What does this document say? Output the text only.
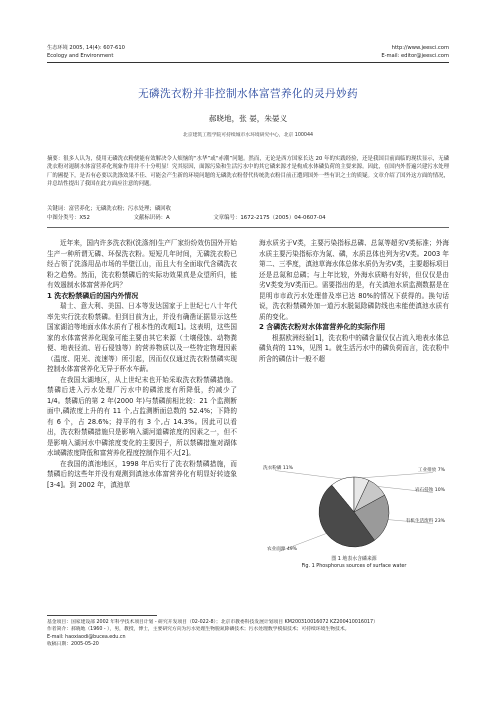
生态环境 2005, 14(4): 607-610
Ecology and Environment
http://www.jeesci.com
E-mail: editor@jeesci.com
无磷洗衣粉并非控制水体富营养化的灵丹妙药
郝晓地，张 晏，朱晏义
北京建筑工程学院可持续城市水环境研究中心，北京 100044
摘要：很多人认为，使用无磷洗衣粉便能有效解决令人烦恼的“水华”或“赤潮”问题。然而，无论是西方国家长达 20 年的实践经验，还是我国目前面临的现状显示，无磷洗衣粉对遏制水体富营养化现象作用并不十分明显！究其原因，面源污染和生活污水中的其它磷来源才是构成水体磷负荷的主要来源。因此，在国内外普遍兴建污水处理厂的國提下，是否有必要以洗涤效果不佳、可能会产生新的环境问题的无磷洗衣粉替代传统洗衣粉目前正遭到国外一些有识之士的质疑。文章介绍了国外这方面的情况，并总结性提出了我国在此方面应注意的问题。
关键词：富营养化；无磷洗衣粉；污水处理；磷回收
中图分类号：X52	文献标识码：A	文章编号：1672-2175（2005）04-0607-04

近年来，国内许多洗衣粉(洗涤剂)生产厂家纷纷效仿国外开始生产一种所谓无磷、环保洗衣粉。短短几年时间，无磷洗衣粉已经占领了洗涤用品市场的半壁江山，而且大有全面取代含磷洗衣粉之趋势。然而，洗衣粉禁磷后的实际功效果真是众望所归，能有效遏制水体富营养化吗？

1 洗衣粉禁磷后的国内外情况

瑞士、意大利、美国、日本等发达国家于上世纪七八十年代率先实行洗衣粉禁磷。但到目前为止，并没有确凿证据显示这些国家湖泊等地面水体水质有了根本性的改观[1]。这表明，这些国家的水体富营养化现象可能主要由其它来源（土壤侵蚀、动物粪便、地表径流、岩石侵蚀等）的营养物质以及一些特定物理因素（温度、阳光、流速等）所引起，因而仅仅通过洗衣粉禁磷实现控制水体富营养化无异于杯水车薪。

在我国太湖地区，从上世纪末也开始采取洗衣粉禁磷措施。禁磷后进入污水处理厂污水中的磷浓度有所降低，约减少了 1/4。禁磷后的第 2 年(2000 年)与禁磷前相比较：21 个监测断面中,磷浓度上升的有 11 个,占监测断面总数的 52.4%；下降的有 6 个，占 28.6%；持平的有 3 个,占 14.3%。因此可以看出，洗衣粉禁磷措施只是影响入湖河道磷浓度的因素之一，但不是影响入湖河水中磷浓度变化的主要因子，所以禁磷措施对湖体水域磷浓度降低和富营养化程度控制作用不大[2]。

在我国的滇池地区，1998 年后实行了洗衣粉禁磷措施，而禁磷后的这些年并没有观测到滇池水体富营养化有明显好转迹象[3-4]。到 2002 年，滇池草

海水质劣于Ⅴ类，主要污染指标总磷、总氮等超劣Ⅴ类标准；外海水质主要污染指标亦为氮、磷，水质总体也列为劣Ⅴ类。2003 年第二、三季度，滇池草海水体总体水质仍为劣Ⅴ类，主要超标项目还是总氮和总磷；与上年比较，外海水质略有好转，但仅仅是由劣Ⅴ类变为Ⅴ类而已。需要指出的是，有关滇池水质监测数据是在昆明市市政污水处理普及率已达 80%的情况下获得的。换句话说，洗衣粉禁磷外加一道污水脱氮除磷防线也未能使滇池水质有质的变化。

2 含磷洗衣粉对水体富营养化的实际作用

根据欧洲经验[1]，洗衣粉中的磷含量仅仅占流入地表水体总磷负荷的 11%，见图 1。就生活污水中的磷负荷而言，洗衣粉中所含的磷估计一般不超

洗衣粉磷 11%	工业排放 7%
岩石侵蚀 10%
有机生活废料 23%
农业面源 49%
图 1 地表水含磷来源
Fig. 1 Phosphorus sources of surface water
基金项目：国家建设部 2002 年科学技术项目计划 - 研究开发项目（02-022-8）；北京市教委科技发展计划项目 KM200310016072 KZ200410016017）
作者简介：郝晓地（1960 - ），男，教授，博士，主要研究方向为污水处理生物脱氮除磷技术；污水处理数学模拟技术；可持续环境生物技术。
E-mail: haoxiaodi@bucea.edu.cn
收稿日期：2005-05-20
